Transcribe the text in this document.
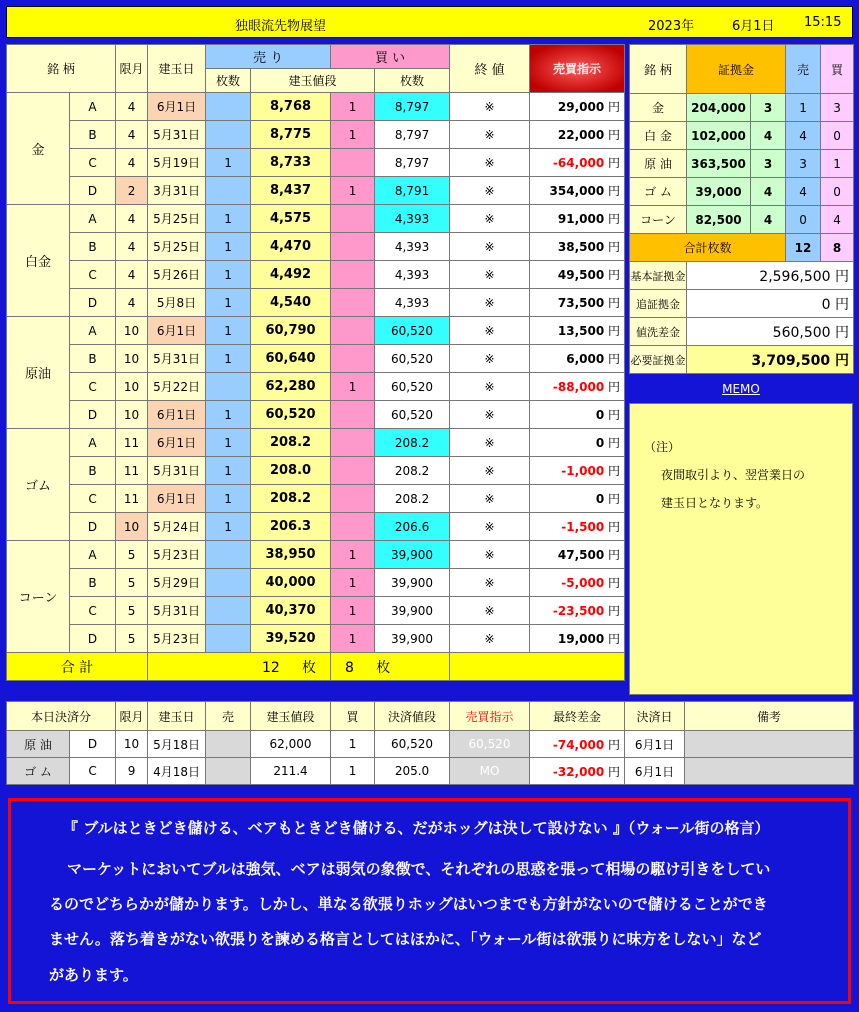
独眼流先物展望	2023年	6月1日 15:15
銘 柄		限月	建玉日	売 り		買 い		終 値	売買指示	
				枚数	建玉値段		枚数			
金	A	4	6月1日		8,768	1	8,797	※	29,000 円	
	B	4	5月31日		8,775	1	8,797	※	22,000 円	
	C	4	5月19日	1	8,733		8,797	※	-64,000 円	
	D	2	3月31日		8,437	1	8,791	※	354,000 円	
白金	A	4	5月25日	1	4,575		4,393	※	91,000 円	
	B	4	5月25日	1	4,470		4,393	※	38,500 円	
	C	4	5月26日	1	4,492		4,393	※	49,500 円	
	D	4	5月8日	1	4,540		4,393	※	73,500 円	
原油	A	10	6月1日	1	60,790		60,520	※	13,500 円	
	B	10	5月31日	1	60,640		60,520	※	6,000 円	
	C	10	5月22日		62,280	1	60,520	※	-88,000 円	
	D	10	6月1日	1	60,520		60,520	※	0 円	
ゴム	A	11	6月1日	1	208.2		208.2	※	0 円	
	B	11	5月31日	1	208.0		208.2	※	-1,000 円	
	C	11	6月1日	1	208.2		208.2	※	0 円	
	D	10	5月24日	1	206.3		206.6	※	-1,500 円	
コーン	A	5	5月23日		38,950	1	39,900	※	47,500 円	
	B	5	5月29日		40,000	1	39,900	※	-5,000 円	
	C	5	5月31日		40,370	1	39,900	※	-23,500 円	
	D	5	5月23日		39,520	1	39,900	※	19,000 円	
合 計			12 枚			8 枚		
銘 柄	証拠金		売	買
金	204,000	3	1	3
白 金	102,000	4	4	0
原 油	363,500	3	3	1
ゴ ム	39,000	4	4	0
コーン	82,500	4	0	4
合計枚数			12	8
基本証拠金	2,596,500 円			
追証拠金	0 円			
値洗差金	560,500 円			
必要証拠金	3,709,500 円			
MEMO
（注）
夜間取引より、翌営業日の
建玉日となります。
本日決済分		限月	建玉日	売	建玉値段	買	決済値段	売買指示	最終差金	決済日	備考
原 油	D	10	5月18日		62,000	1	60,520	60,520	-74,000 円	6月1日	
ゴ ム	C	9	4月18日		211.4	1	205.0	MO	-32,000 円	6月1日	

『 ブルはときどき儲ける、ベアもときどき儲ける、だがホッグは決して設けない 』（ウォール街の格言）

マーケットにおいてブルは強気、ベアは弱気の象徴で、それぞれの思惑を張って相場の駆け引きをしてい

るのでどちらかが儲かります。しかし、単なる欲張りホッグはいつまでも方針がないので儲けることができ

ません。落ち着きがない欲張りを諫める格言としてはほかに、「ウォール街は欲張りに味方をしない」など

があります。
